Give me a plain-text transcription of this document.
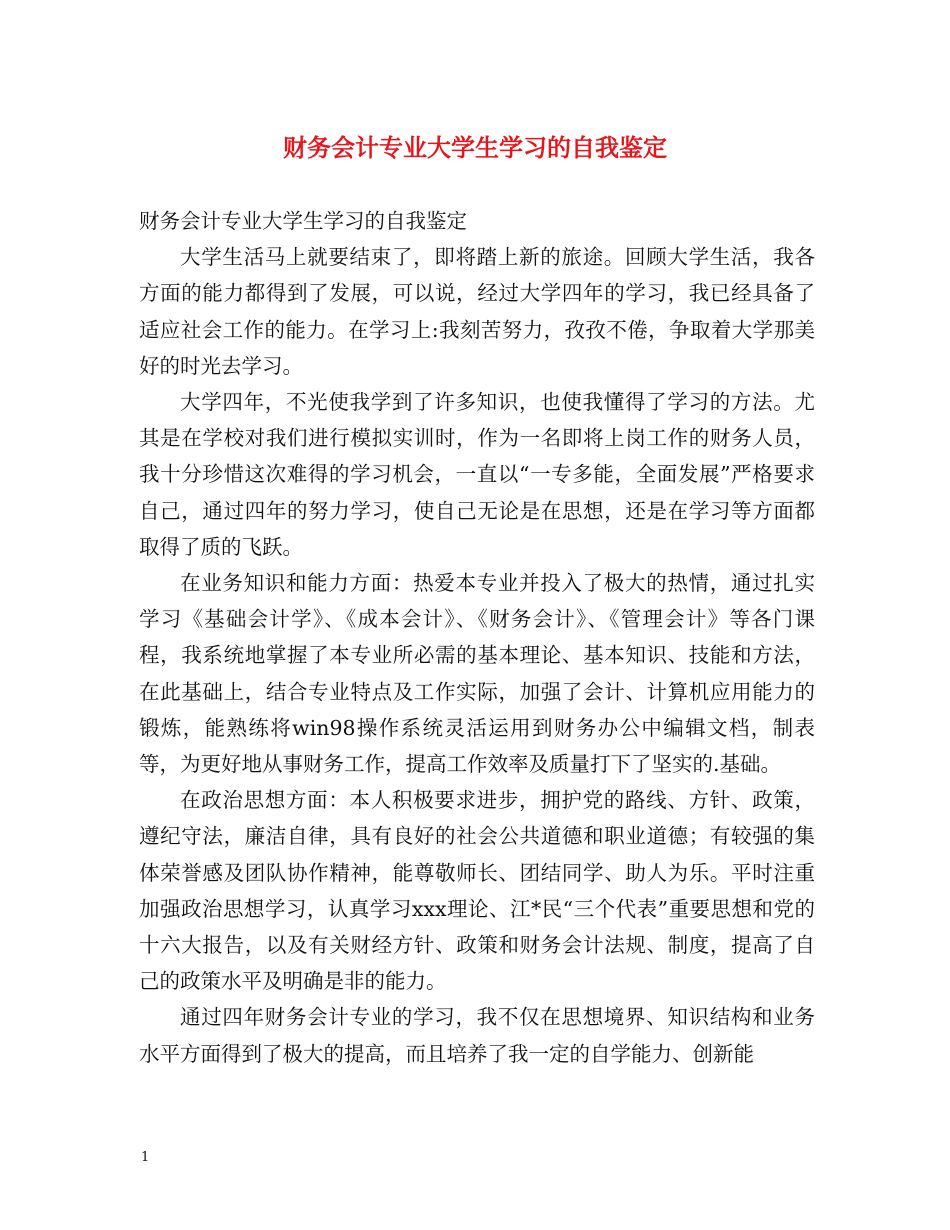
财务会计专业大学生学习的自我鉴定

财务会计专业大学生学习的自我鉴定

大学生活马上就要结束了，即将踏上新的旅途。回顾大学生活，我各方面的能力都得到了发展，可以说，经过大学四年的学习，我已经具备了适应社会工作的能力。在学习上:我刻苦努力，孜孜不倦，争取着大学那美好的时光去学习。

大学四年，不光使我学到了许多知识，也使我懂得了学习的方法。尤其是在学校对我们进行模拟实训时，作为一名即将上岗工作的财务人员，我十分珍惜这次难得的学习机会，一直以“一专多能，全面发展”严格要求自己，通过四年的努力学习，使自己无论是在思想，还是在学习等方面都取得了质的飞跃。

在业务知识和能力方面：热爱本专业并投入了极大的热情，通过扎实学习《基础会计学》、《成本会计》、《财务会计》、《管理会计》等各门课程，我系统地掌握了本专业所必需的基本理论、基本知识、技能和方法，在此基础上，结合专业特点及工作实际，加强了会计、计算机应用能力的锻炼，能熟练将win98操作系统灵活运用到财务办公中编辑文档，制表等，为更好地从事财务工作，提高工作效率及质量打下了坚实的.基础。

在政治思想方面：本人积极要求进步，拥护党的路线、方针、政策，遵纪守法，廉洁自律，具有良好的社会公共道德和职业道德；有较强的集体荣誉感及团队协作精神，能尊敬师长、团结同学、助人为乐。平时注重加强政治思想学习，认真学习xxx理论、江*民“三个代表”重要思想和党的十六大报告，以及有关财经方针、政策和财务会计法规、制度，提高了自己的政策水平及明确是非的能力。

通过四年财务会计专业的学习，我不仅在思想境界、知识结构和业务水平方面得到了极大的提高，而且培养了我一定的自学能力、创新能

1
